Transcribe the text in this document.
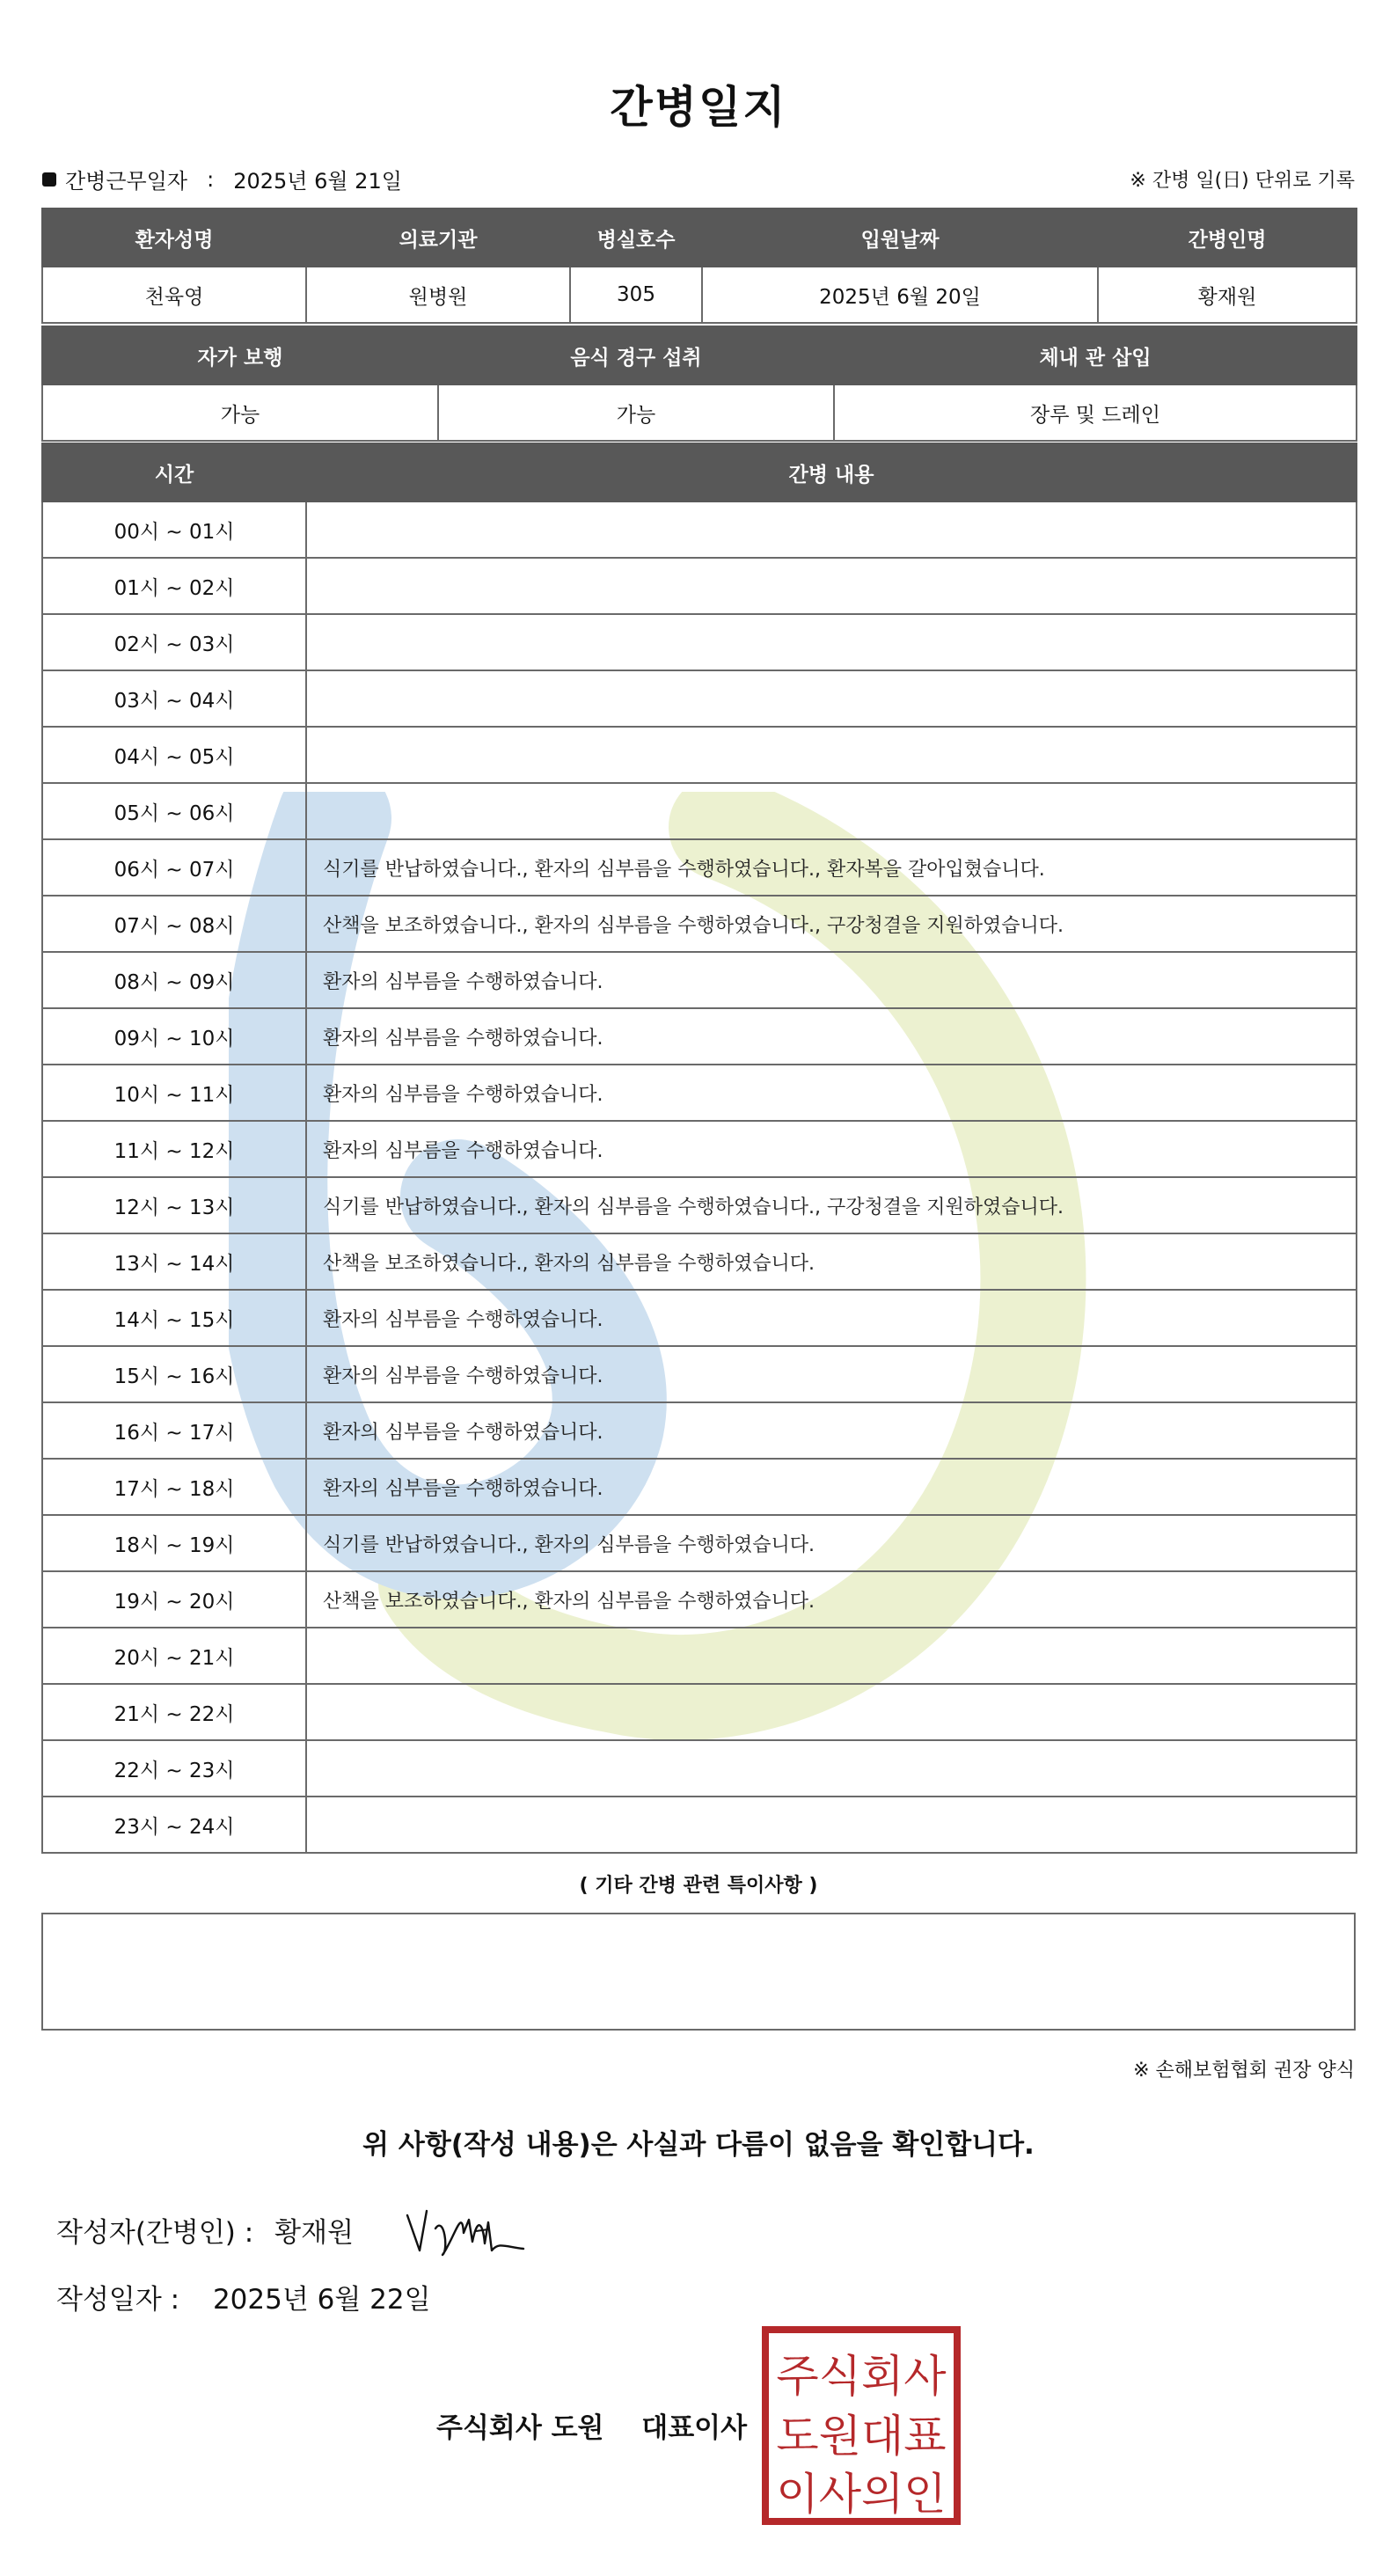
간병일지
간병근무일자 : 2025년 6월 21일	※ 간병 일(日) 단위로 기록
환자성명	의료기관	병실호수	입원날짜	간병인명
천육영	원병원	305	2025년 6월 20일	황재원
자가 보행	음식 경구 섭취	체내 관 삽입
가능	가능	장루 및 드레인
시간	간병 내용
00시 ~ 01시	
01시 ~ 02시	
02시 ~ 03시	
03시 ~ 04시	
04시 ~ 05시	
05시 ~ 06시	
06시 ~ 07시	식기를 반납하였습니다., 환자의 심부름을 수행하였습니다., 환자복을 갈아입혔습니다.
07시 ~ 08시	산책을 보조하였습니다., 환자의 심부름을 수행하였습니다., 구강청결을 지원하였습니다.
08시 ~ 09시	환자의 심부름을 수행하였습니다.
09시 ~ 10시	환자의 심부름을 수행하였습니다.
10시 ~ 11시	환자의 심부름을 수행하였습니다.
11시 ~ 12시	환자의 심부름을 수행하였습니다.
12시 ~ 13시	식기를 반납하였습니다., 환자의 심부름을 수행하였습니다., 구강청결을 지원하였습니다.
13시 ~ 14시	산책을 보조하였습니다., 환자의 심부름을 수행하였습니다.
14시 ~ 15시	환자의 심부름을 수행하였습니다.
15시 ~ 16시	환자의 심부름을 수행하였습니다.
16시 ~ 17시	환자의 심부름을 수행하였습니다.
17시 ~ 18시	환자의 심부름을 수행하였습니다.
18시 ~ 19시	식기를 반납하였습니다., 환자의 심부름을 수행하였습니다.
19시 ~ 20시	산책을 보조하였습니다., 환자의 심부름을 수행하였습니다.
20시 ~ 21시	
21시 ~ 22시	
22시 ~ 23시	
23시 ~ 24시	
( 기타 간병 관련 특이사항 )
※ 손해보험협회 권장 양식
위 사항(작성 내용)은 사실과 다름이 없음을 확인합니다.
작성자(간병인) : 황재원
작성일자 : 2025년 6월 22일
주식회사 도원 대표이사
주식회사
도원대표
이사의인
